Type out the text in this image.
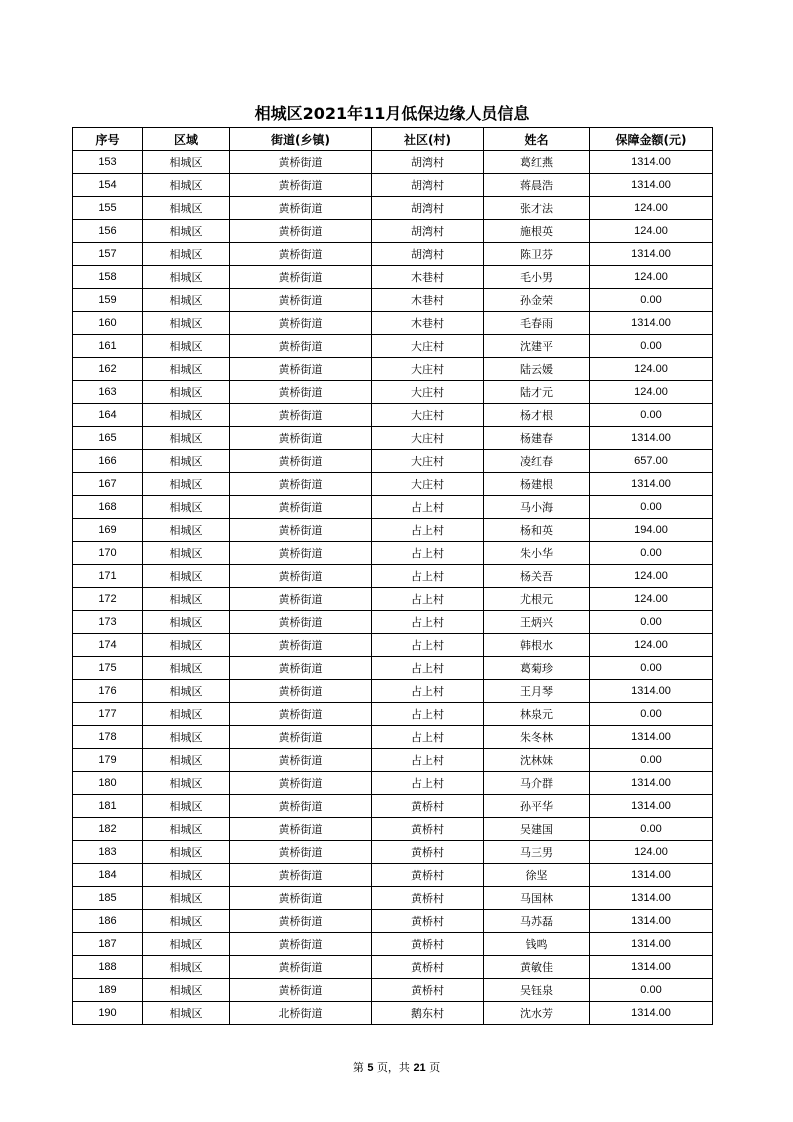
相城区2021年11月低保边缘人员信息
序号	区域	街道(乡镇)	社区(村)	姓名	保障金额(元)
153	相城区	黄桥街道	胡湾村	葛红燕	1314.00
154	相城区	黄桥街道	胡湾村	蒋晨浩	1314.00
155	相城区	黄桥街道	胡湾村	张才法	124.00
156	相城区	黄桥街道	胡湾村	施根英	124.00
157	相城区	黄桥街道	胡湾村	陈卫芬	1314.00
158	相城区	黄桥街道	木巷村	毛小男	124.00
159	相城区	黄桥街道	木巷村	孙金荣	0.00
160	相城区	黄桥街道	木巷村	毛春雨	1314.00
161	相城区	黄桥街道	大庄村	沈建平	0.00
162	相城区	黄桥街道	大庄村	陆云媛	124.00
163	相城区	黄桥街道	大庄村	陆才元	124.00
164	相城区	黄桥街道	大庄村	杨才根	0.00
165	相城区	黄桥街道	大庄村	杨建春	1314.00
166	相城区	黄桥街道	大庄村	凌红春	657.00
167	相城区	黄桥街道	大庄村	杨建根	1314.00
168	相城区	黄桥街道	占上村	马小海	0.00
169	相城区	黄桥街道	占上村	杨和英	194.00
170	相城区	黄桥街道	占上村	朱小华	0.00
171	相城区	黄桥街道	占上村	杨关吾	124.00
172	相城区	黄桥街道	占上村	尤根元	124.00
173	相城区	黄桥街道	占上村	王炳兴	0.00
174	相城区	黄桥街道	占上村	韩根水	124.00
175	相城区	黄桥街道	占上村	葛菊珍	0.00
176	相城区	黄桥街道	占上村	王月琴	1314.00
177	相城区	黄桥街道	占上村	林泉元	0.00
178	相城区	黄桥街道	占上村	朱冬林	1314.00
179	相城区	黄桥街道	占上村	沈林妹	0.00
180	相城区	黄桥街道	占上村	马介群	1314.00
181	相城区	黄桥街道	黄桥村	孙平华	1314.00
182	相城区	黄桥街道	黄桥村	吴建国	0.00
183	相城区	黄桥街道	黄桥村	马三男	124.00
184	相城区	黄桥街道	黄桥村	徐坚	1314.00
185	相城区	黄桥街道	黄桥村	马国林	1314.00
186	相城区	黄桥街道	黄桥村	马苏磊	1314.00
187	相城区	黄桥街道	黄桥村	钱鸣	1314.00
188	相城区	黄桥街道	黄桥村	黄敏佳	1314.00
189	相城区	黄桥街道	黄桥村	吴钰泉	0.00
190	相城区	北桥街道	鹅东村	沈水芳	1314.00
第 5 页，共 21 页
